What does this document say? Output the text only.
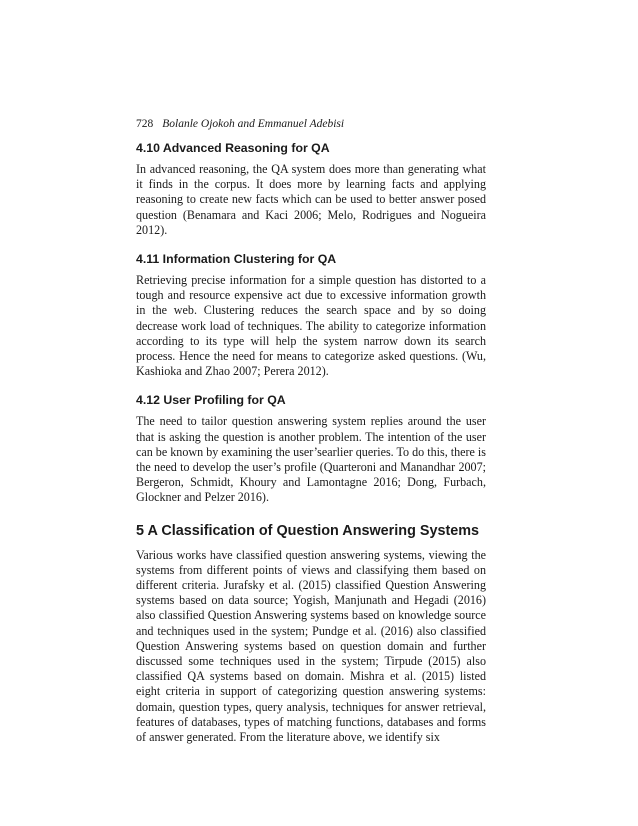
728 Bolanle Ojokoh and Emmanuel Adebisi
4.10 Advanced Reasoning for QA

In advanced reasoning, the QA system does more than generating what it finds in the corpus. It does more by learning facts and applying reasoning to create new facts which can be used to better answer posed question (Benamara and Kaci 2006; Melo, Rodrigues and Nogueira 2012).

4.11 Information Clustering for QA

Retrieving precise information for a simple question has distorted to a tough and resource expensive act due to excessive information growth in the web. Clustering reduces the search space and by so doing decrease work load of techniques. The ability to categorize information according to its type will help the system narrow down its search process. Hence the need for means to categorize asked questions. (Wu, Kashioka and Zhao 2007; Perera 2012).

4.12 User Profiling for QA

The need to tailor question answering system replies around the user that is asking the question is another problem. The intention of the user can be known by examining the user’searlier queries. To do this, there is the need to develop the user’s profile (Quarteroni and Manandhar 2007; Bergeron, Schmidt, Khoury and Lamontagne 2016; Dong, Furbach, Glockner and Pelzer 2016).

5 A Classification of Question Answering Systems

Various works have classified question answering systems, viewing the systems from different points of views and classifying them based on different criteria. Jurafsky et al. (2015) classified Question Answering systems based on data source; Yogish, Manjunath and Hegadi (2016) also classified Question Answering systems based on knowledge source and techniques used in the system; Pundge et al. (2016) also classified Question Answering systems based on question domain and further discussed some techniques used in the system; Tirpude (2015) also classified QA systems based on domain. Mishra et al. (2015) listed eight criteria in support of categorizing question answering systems: domain, question types, query analysis, techniques for answer retrieval, features of databases, types of matching functions, databases and forms of answer generated. From the literature above, we identify six
